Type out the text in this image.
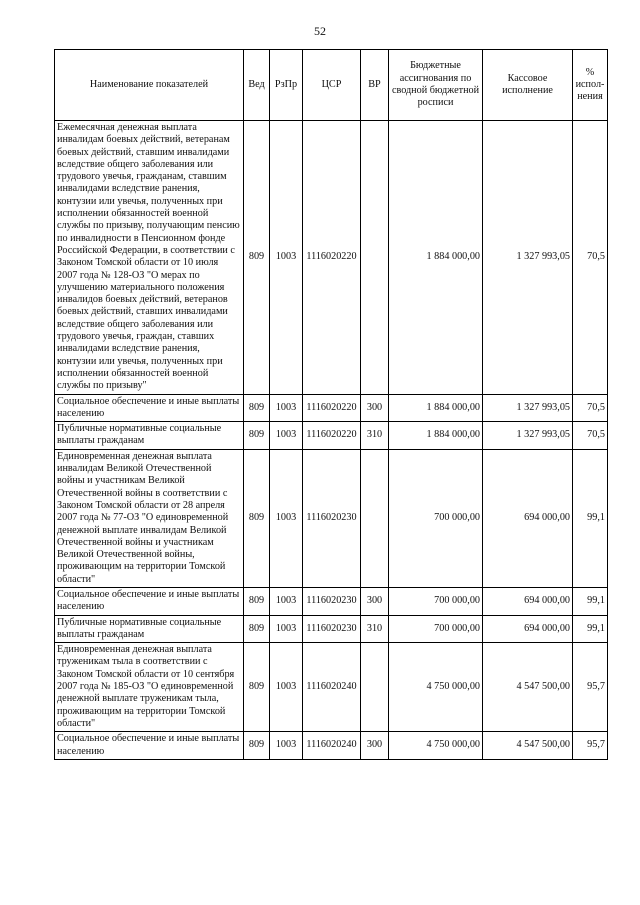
52
Наименование показателей	Вед	РзПр	ЦСР	ВР	Бюджетные ассигнования по сводной бюджетной росписи	Кассовое исполнение	% испол-нения
Ежемесячная денежная выплата инвалидам боевых действий, ветеранам боевых действий, ставшим инвалидами вследствие общего заболевания или трудового увечья, гражданам, ставшим инвалидами вследствие ранения, контузии или увечья, полученных при исполнении обязанностей военной службы по призыву, получающим пенсию по инвалидности в Пенсионном фонде Российской Федерации, в соответствии с Законом Томской области от 10 июля 2007 года № 128-ОЗ "О мерах по улучшению материального положения инвалидов боевых действий, ветеранов боевых действий, ставших инвалидами вследствие общего заболевания или трудового увечья, граждан, ставших инвалидами вследствие ранения, контузии или увечья, полученных при исполнении обязанностей военной службы по призыву"	809	1003	1116020220		1 884 000,00	1 327 993,05	70,5
Социальное обеспечение и иные выплаты населению	809	1003	1116020220	300	1 884 000,00	1 327 993,05	70,5
Публичные нормативные социальные выплаты гражданам	809	1003	1116020220	310	1 884 000,00	1 327 993,05	70,5
Единовременная денежная выплата инвалидам Великой Отечественной войны и участникам Великой Отечественной войны в соответствии с Законом Томской области от 28 апреля 2007 года № 77-ОЗ "О единовременной денежной выплате инвалидам Великой Отечественной войны и участникам Великой Отечественной войны, проживающим на территории Томской области"	809	1003	1116020230		700 000,00	694 000,00	99,1
Социальное обеспечение и иные выплаты населению	809	1003	1116020230	300	700 000,00	694 000,00	99,1
Публичные нормативные социальные выплаты гражданам	809	1003	1116020230	310	700 000,00	694 000,00	99,1
Единовременная денежная выплата труженикам тыла в соответствии с Законом Томской области от 10 сентября 2007 года № 185-ОЗ "О единовременной денежной выплате труженикам тыла, проживающим на территории Томской области"	809	1003	1116020240		4 750 000,00	4 547 500,00	95,7
Социальное обеспечение и иные выплаты населению	809	1003	1116020240	300	4 750 000,00	4 547 500,00	95,7
